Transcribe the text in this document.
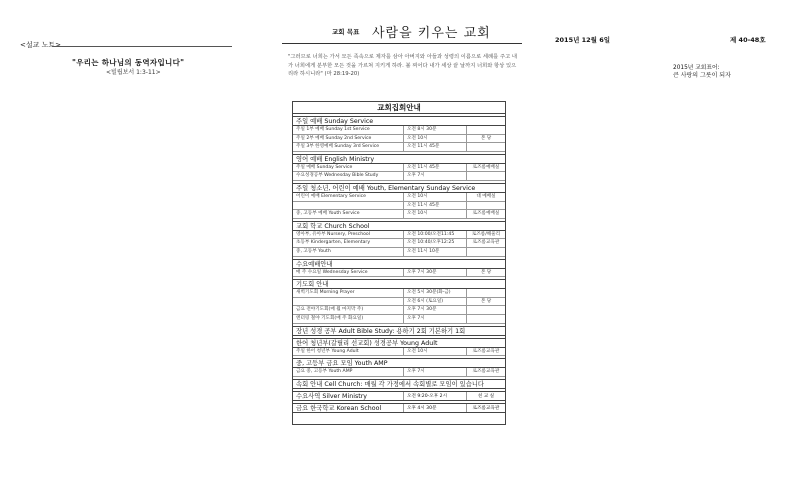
<설교 노트>
"우리는 하나님의 동역자입니다"
<빌립보서 1:3-11>
교회 목표 사람을 키우는 교회
"그러므로 너희는 가서 모든 족속으로 제자를 삼아 아버지와 아들과 성령의 이름으로 세례를 주고 내가 너희에게 분부한 모든 것을 가르쳐 지키게 하라. 볼 찌어다 내가 세상 끝 날까지 너희와 항상 있으리라 하시니라" (마 28:19-20)
2015년 12월 6일	제 40-48호
2015년 교회표어:
큰 사랑의 그릇이 되자
교회집회안내
주일 예배 Sunday Service
주일 1부 예배 Sunday 1st Service	오전 8시 30분
주일 2부 예배 Sunday 2nd Service	오전 10시	본 당
주일 3부 한영예배 Sunday 3rd Service	오전 11시 45분
영어 예배 English Ministry
주일 예배 Sunday Service	오전 11시 45분	로즈룸예배실
수요성경공부 Wednesday Bible Study	오후 7시
주일 청소년, 어린이 예배 Youth, Elementary Sunday Service
어린이 예배 Elementary Service	오전 10시	대 예배실
오전 11시 45분
중, 고등부 예배 Youth Service	오전 10시	로즈룸예배실
교회 학교 Church School
영아부, 유아부 Nursery, Preschool	오전 10:00/오전11:45	로즈룸/해울리
초등부 Kindergarten, Elementary	오전 10:40/오후12:25	로즈룸교육관
중, 고등부 Youth	오전 11시 10분
수요예배안내
매 주 수요일 Wednesday Service	오후 7시 30분	본 당
기도회 안내
새벽기도회 Morning Prayer	오전 5시 30분(화-금)
오전 6시 (토요일)	본 당
금요 전야기도회(매 월 마지막 주)	오후 7시 30분
엔터링 철야 기도회(매 주 화요일)	오후 7시
장년 성경 공부 Adult Bible Study: 용하기 2회 기본하기 1회
한어 청년부(갈릴리 선교회) 성경공부 Young Adult
주일 한어 청년부 Young Adult	오전 10시	로즈룸교육관
중, 고등부 금요 모임 Youth AMP
금요 중, 고등부 Youth AMP	오후 7시	로즈룸교육관
속회 안내 Cell Church: 매월 각 가정에서 속회별로 모임이 있습니다
수요사역 Silver Ministry	오전 9:20-오후 2시	친 교 실
금요 한국학교 Korean School	오후 4시 30분	로즈룸교육관
